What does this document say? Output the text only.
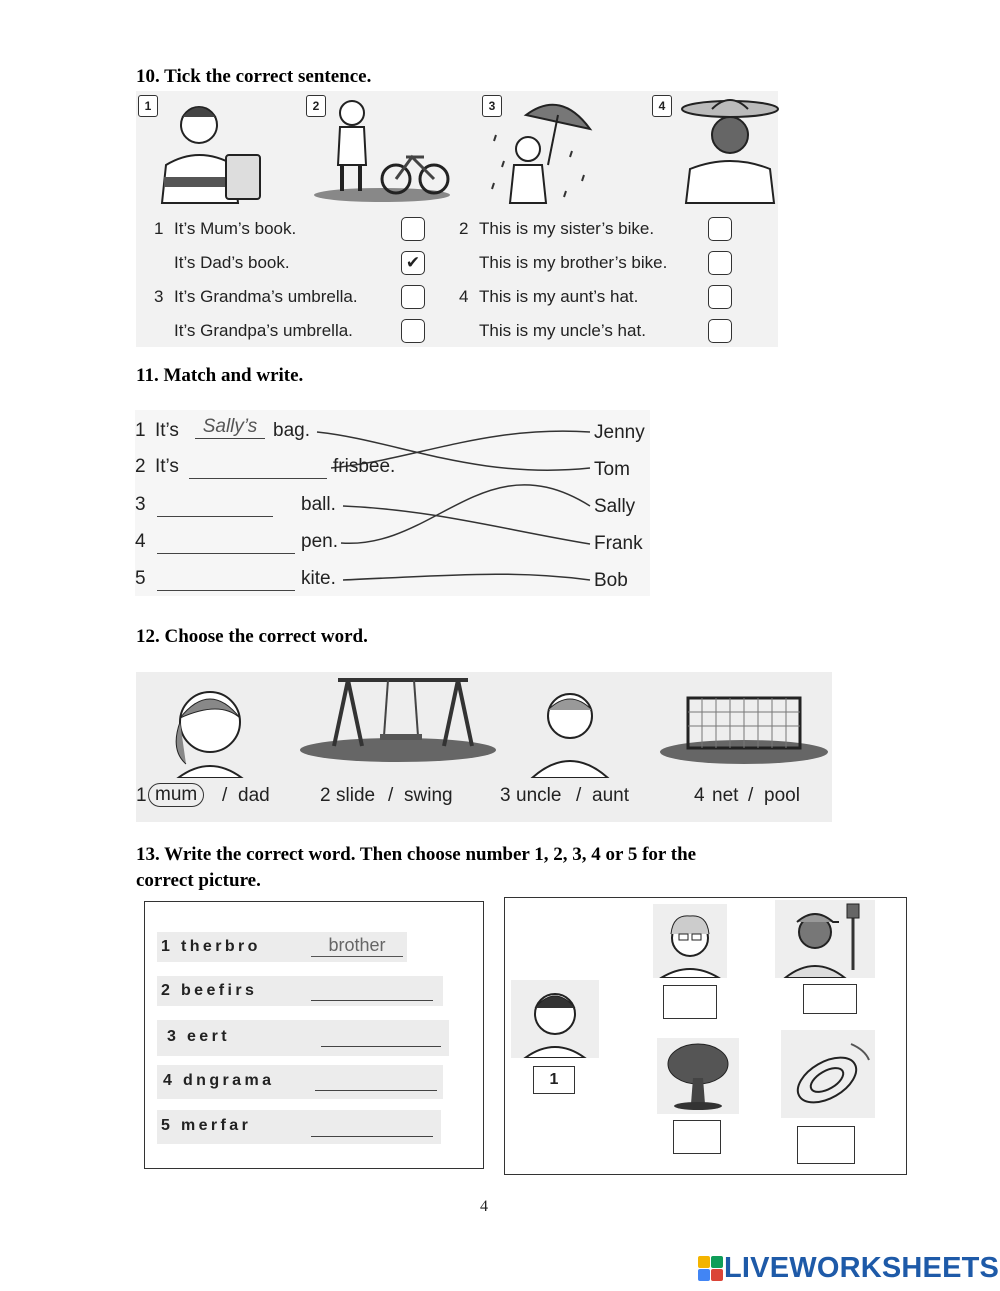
10. Tick the correct sentence.
1	2	3	4
1 It’s Mum’s book.
It’s Dad’s book.	✔
3 It’s Grandma’s umbrella.
It’s Grandpa’s umbrella.
2 This is my sister’s bike.
This is my brother’s bike.
4 This is my aunt’s hat.
This is my uncle’s hat.
11. Match and write.
1 It’s	Sally’s bag.
2 It’s	frisbee.
3	ball.
4	pen.
5	kite.
Jenny
Tom
Sally
Frank
Bob
12. Choose the correct word.
1 mum	/ dad	2 slide / swing 3 uncle / aunt	4 net / pool
13. Write the correct word. Then choose number 1, 2, 3, 4 or 5 for the
correct picture.
1 therbro	brother
2 beefirs
3 eert
4 dngrama
5 merfar
1
4
LIVEWORKSHEETS
